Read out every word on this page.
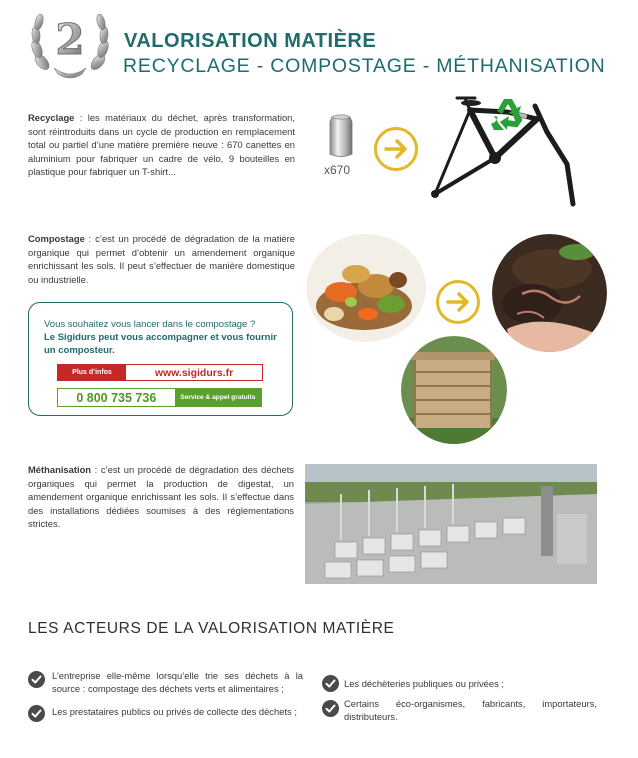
2 VALORISATION MATIÈRE
RECYCLAGE - COMPOSTAGE - MÉTHANISATION
Recyclage : les matériaux du déchet, après transformation, sont réintroduits dans un cycle de production en remplacement total ou partiel d’une matière première neuve : 670 canettes en aluminium pour fabriquer un cadre de vélo, 9 bouteilles en plastique pour fabriquer un T-shirt...	x670
Compostage : c’est un procédé de dégradation de la matière organique qui permet d’obtenir un amendement organique enrichissant les sols. Il peut s’effectuer de manière domestique ou industrielle.
Vous souhaitez vous lancer dans le compostage ?
Le Sigidurs peut vous accompagner et vous fournir un composteur.
Plus d’infos	www.sigidurs.fr
0 800 735 736	Service & appel gratuits
Méthanisation : c’est un procédé de dégradation des déchets organiques qui permet la production de digestat, un amendement organique enrichissant les sols. Il s’effectue dans des installations dédiées soumises à des réglementations strictes.
LES ACTEURS DE LA VALORISATION MATIÈRE
L’entreprise elle-même lorsqu’elle trie ses déchets à la source : compostage des déchets verts et alimentaires ;
Les prestataires publics ou privés de collecte des déchets ;
Les déchèteries publiques ou privées ;
Certains éco-organismes, fabricants, importateurs, distributeurs.
